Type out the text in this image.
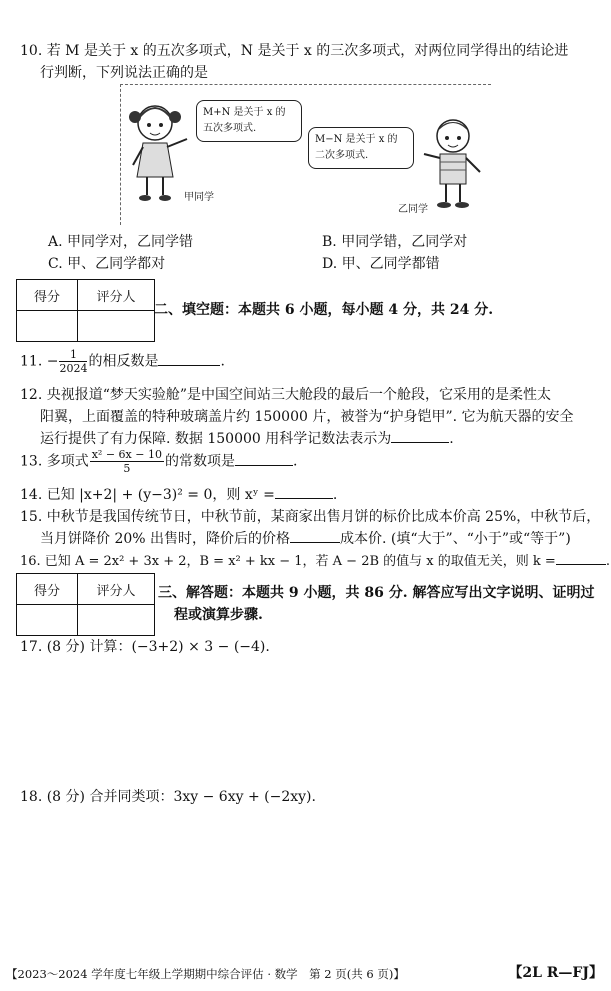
10. 若 M 是关于 x 的五次多项式，N 是关于 x 的三次多项式，对两位同学得出的结论进
行判断，下列说法正确的是
M+N 是关于 x 的五次多项式.
M−N 是关于 x 的二次多项式.
甲同学
乙同学
A. 甲同学对，乙同学错	B. 甲同学错，乙同学对
C. 甲、乙同学都对	D. 甲、乙同学都错
得分	评分人

二、填空题：本题共 6 小题，每小题 4 分，共 24 分.
11. − $\frac{1}{2024}$ 的相反数是	.
12. 央视报道“梦天实验舱”是中国空间站三大舱段的最后一个舱段，它采用的是柔性太
阳翼，上面覆盖的特种玻璃盖片约 150000 片，被誉为“护身铠甲”. 它为航天器的安全
运行提供了有力保障. 数据 150000 用科学记数法表示为	.
13. 多项式 $\frac{\text{x² − 6x − 10}}{5}$ 的常数项是	.
14. 已知 |x+2| + (y−3)² = 0，则 xʸ =	.
15. 中秋节是我国传统节日，中秋节前，某商家出售月饼的标价比成本价高 25%，中秋节后，
当月饼降价 20% 出售时，降价后的价格	成本价. (填“大于”、“小于”或“等于”)
16. 已知 A = 2x² + 3x + 2，B = x² + kx − 1，若 A − 2B 的值与 x 的取值无关，则 k =	.
得分	评分人
	三、解答题：本题共 9 小题，共 86 分. 解答应写出文字说明、证明过
程或演算步骤.
17. (8 分) 计算：(−3+2) × 3 − (−4).
18. (8 分) 合并同类项：3xy − 6xy + (−2xy).
【2023～2024 学年度七年级上学期期中综合评估 · 数学　第 2 页(共 6 页)】	【2L R—FJ】
